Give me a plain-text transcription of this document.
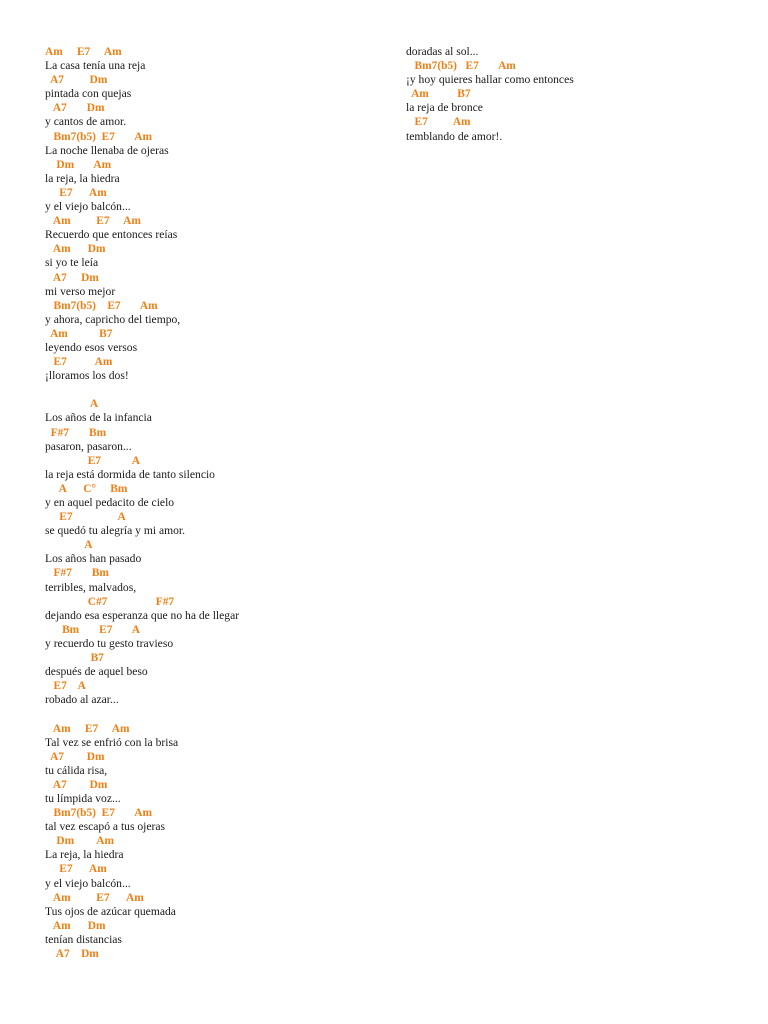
Am     E7     Am
La casa tenía una reja
A7         Dm
pintada con quejas
A7       Dm
y cantos de amor.
Bm7(b5)  E7       Am
La noche llenaba de ojeras
Dm       Am
la reja, la hiedra
E7      Am
y el viejo balcón...
Am         E7     Am
Recuerdo que entonces reías
Am      Dm
si yo te leía
A7     Dm
mi verso mejor
Bm7(b5)    E7       Am
y ahora, capricho del tiempo,
Am           B7
leyendo esos versos
E7          Am
¡lloramos los dos!
A
Los años de la infancia
F#7       Bm
pasaron, pasaron...
E7           A
la reja está dormida de tanto silencio
A      C°     Bm
y en aquel pedacito de cielo
E7                A
se quedó tu alegría y mi amor.
A
Los años han pasado
F#7       Bm
terribles, malvados,
C#7                 F#7
dejando esa esperanza que no ha de llegar
Bm       E7       A
y recuerdo tu gesto travieso
B7
después de aquel beso
E7    A
robado al azar...
Am     E7     Am
Tal vez se enfrió con la brisa
A7        Dm
tu cálida risa,
A7        Dm
tu límpida voz...
Bm7(b5)  E7       Am
tal vez escapó a tus ojeras
Dm        Am
La reja, la hiedra
E7      Am
y el viejo balcón...
Am         E7      Am
Tus ojos de azúcar quemada
Am      Dm
tenían distancias
A7    Dm
doradas al sol...
Bm7(b5)   E7       Am
¡y hoy quieres hallar como entonces
Am          B7
la reja de bronce
E7         Am
temblando de amor!.
